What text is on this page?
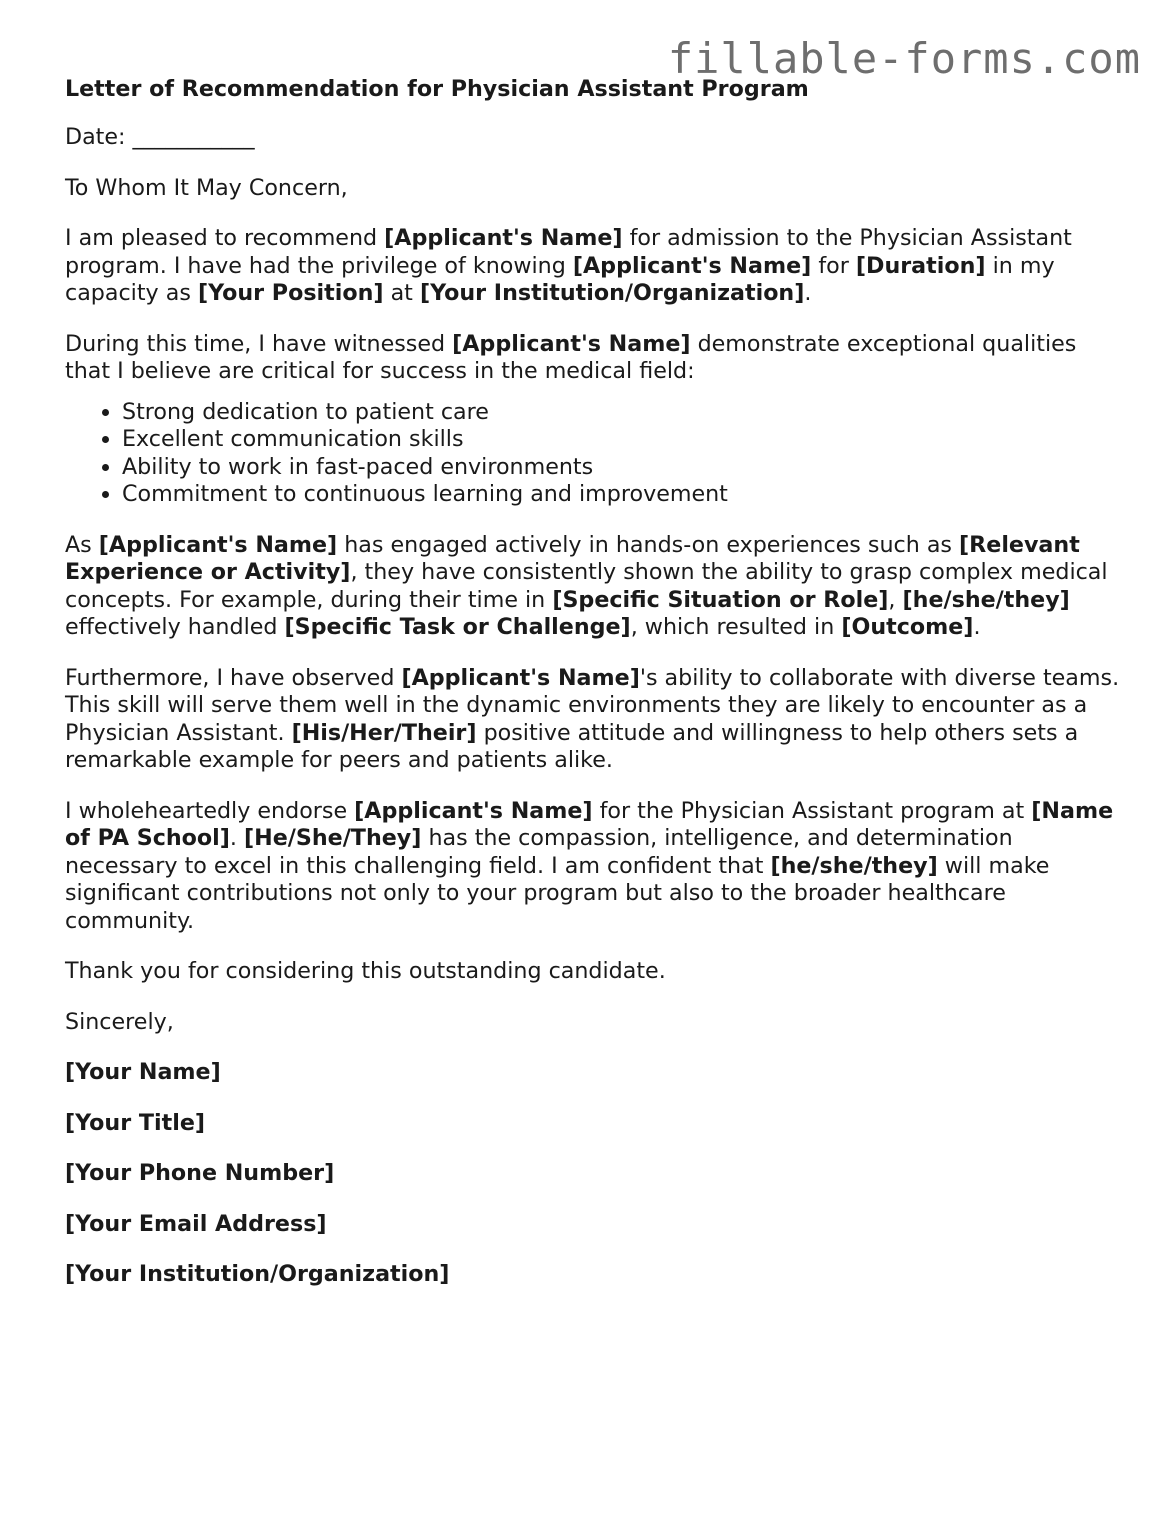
fillable-forms.com
Letter of Recommendation for Physician Assistant Program

Date: ___________

To Whom It May Concern,

I am pleased to recommend [Applicant's Name] for admission to the Physician Assistant program. I have had the privilege of knowing [Applicant's Name] for [Duration] in my capacity as [Your Position] at [Your Institution/Organization].

During this time, I have witnessed [Applicant's Name] demonstrate exceptional qualities that I believe are critical for success in the medical field:

• Strong dedication to patient care
• Excellent communication skills
• Ability to work in fast-paced environments
• Commitment to continuous learning and improvement

As [Applicant's Name] has engaged actively in hands-on experiences such as [Relevant Experience or Activity], they have consistently shown the ability to grasp complex medical concepts. For example, during their time in [Specific Situation or Role], [he/she/they] effectively handled [Specific Task or Challenge], which resulted in [Outcome].

Furthermore, I have observed [Applicant's Name]'s ability to collaborate with diverse teams. This skill will serve them well in the dynamic environments they are likely to encounter as a Physician Assistant. [His/Her/Their] positive attitude and willingness to help others sets a remarkable example for peers and patients alike.

I wholeheartedly endorse [Applicant's Name] for the Physician Assistant program at [Name of PA School]. [He/She/They] has the compassion, intelligence, and determination necessary to excel in this challenging field. I am confident that [he/she/they] will make significant contributions not only to your program but also to the broader healthcare community.

Thank you for considering this outstanding candidate.

Sincerely,

[Your Name]
[Your Title]
[Your Phone Number]
[Your Email Address]
[Your Institution/Organization]
